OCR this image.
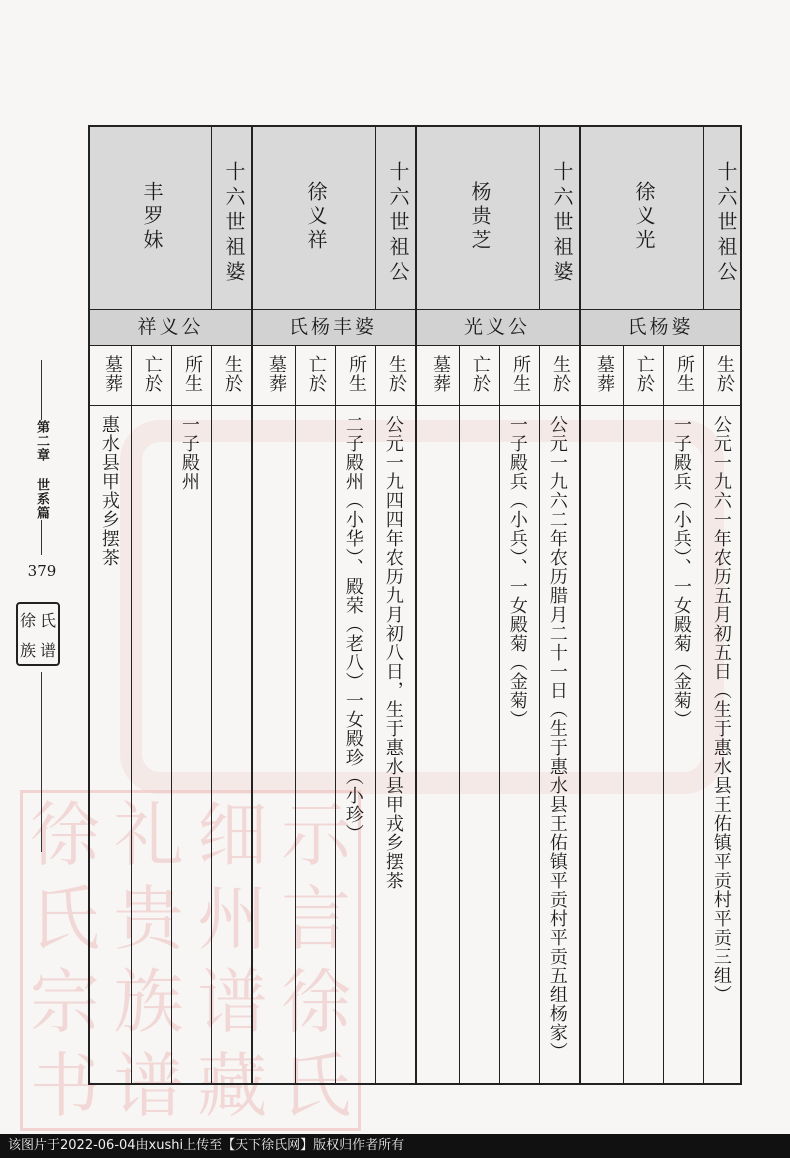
徐 礼 细 示
氏 贵 州 言
宗 族 谱 徐
书 谱 藏 氏
第二章 世系篇
379
徐 氏
族 谱
十六世祖公
徐义光
氏杨婆
生於
所生
亡於
墓葬
公元一九六一年农历五月初五日（生于惠水县王佑镇平贡村平贡三组）
一子殿兵（小兵）、一女殿菊（金菊）
十六世祖婆
杨贵芝
光义公
生於
所生
亡於
墓葬
公元一九六二年农历腊月二十一日（生于惠水县王佑镇平贡村平贡五组杨家）
一子殿兵（小兵）、一女殿菊（金菊）
十六世祖公
徐义祥
氏杨丰婆
生於
所生
亡於
墓葬
公元一九四四年农历九月初八日，生于惠水县甲戎乡摆茶
二子殿州（小华）、殿荣（老八）一女殿珍（小珍）
十六世祖婆
丰罗妹
祥义公
生於
所生
亡於
墓葬
一子殿州
惠水县甲戎乡摆茶
该图片于2022-06-04由xushi上传至【天下徐氏网】版权归作者所有
